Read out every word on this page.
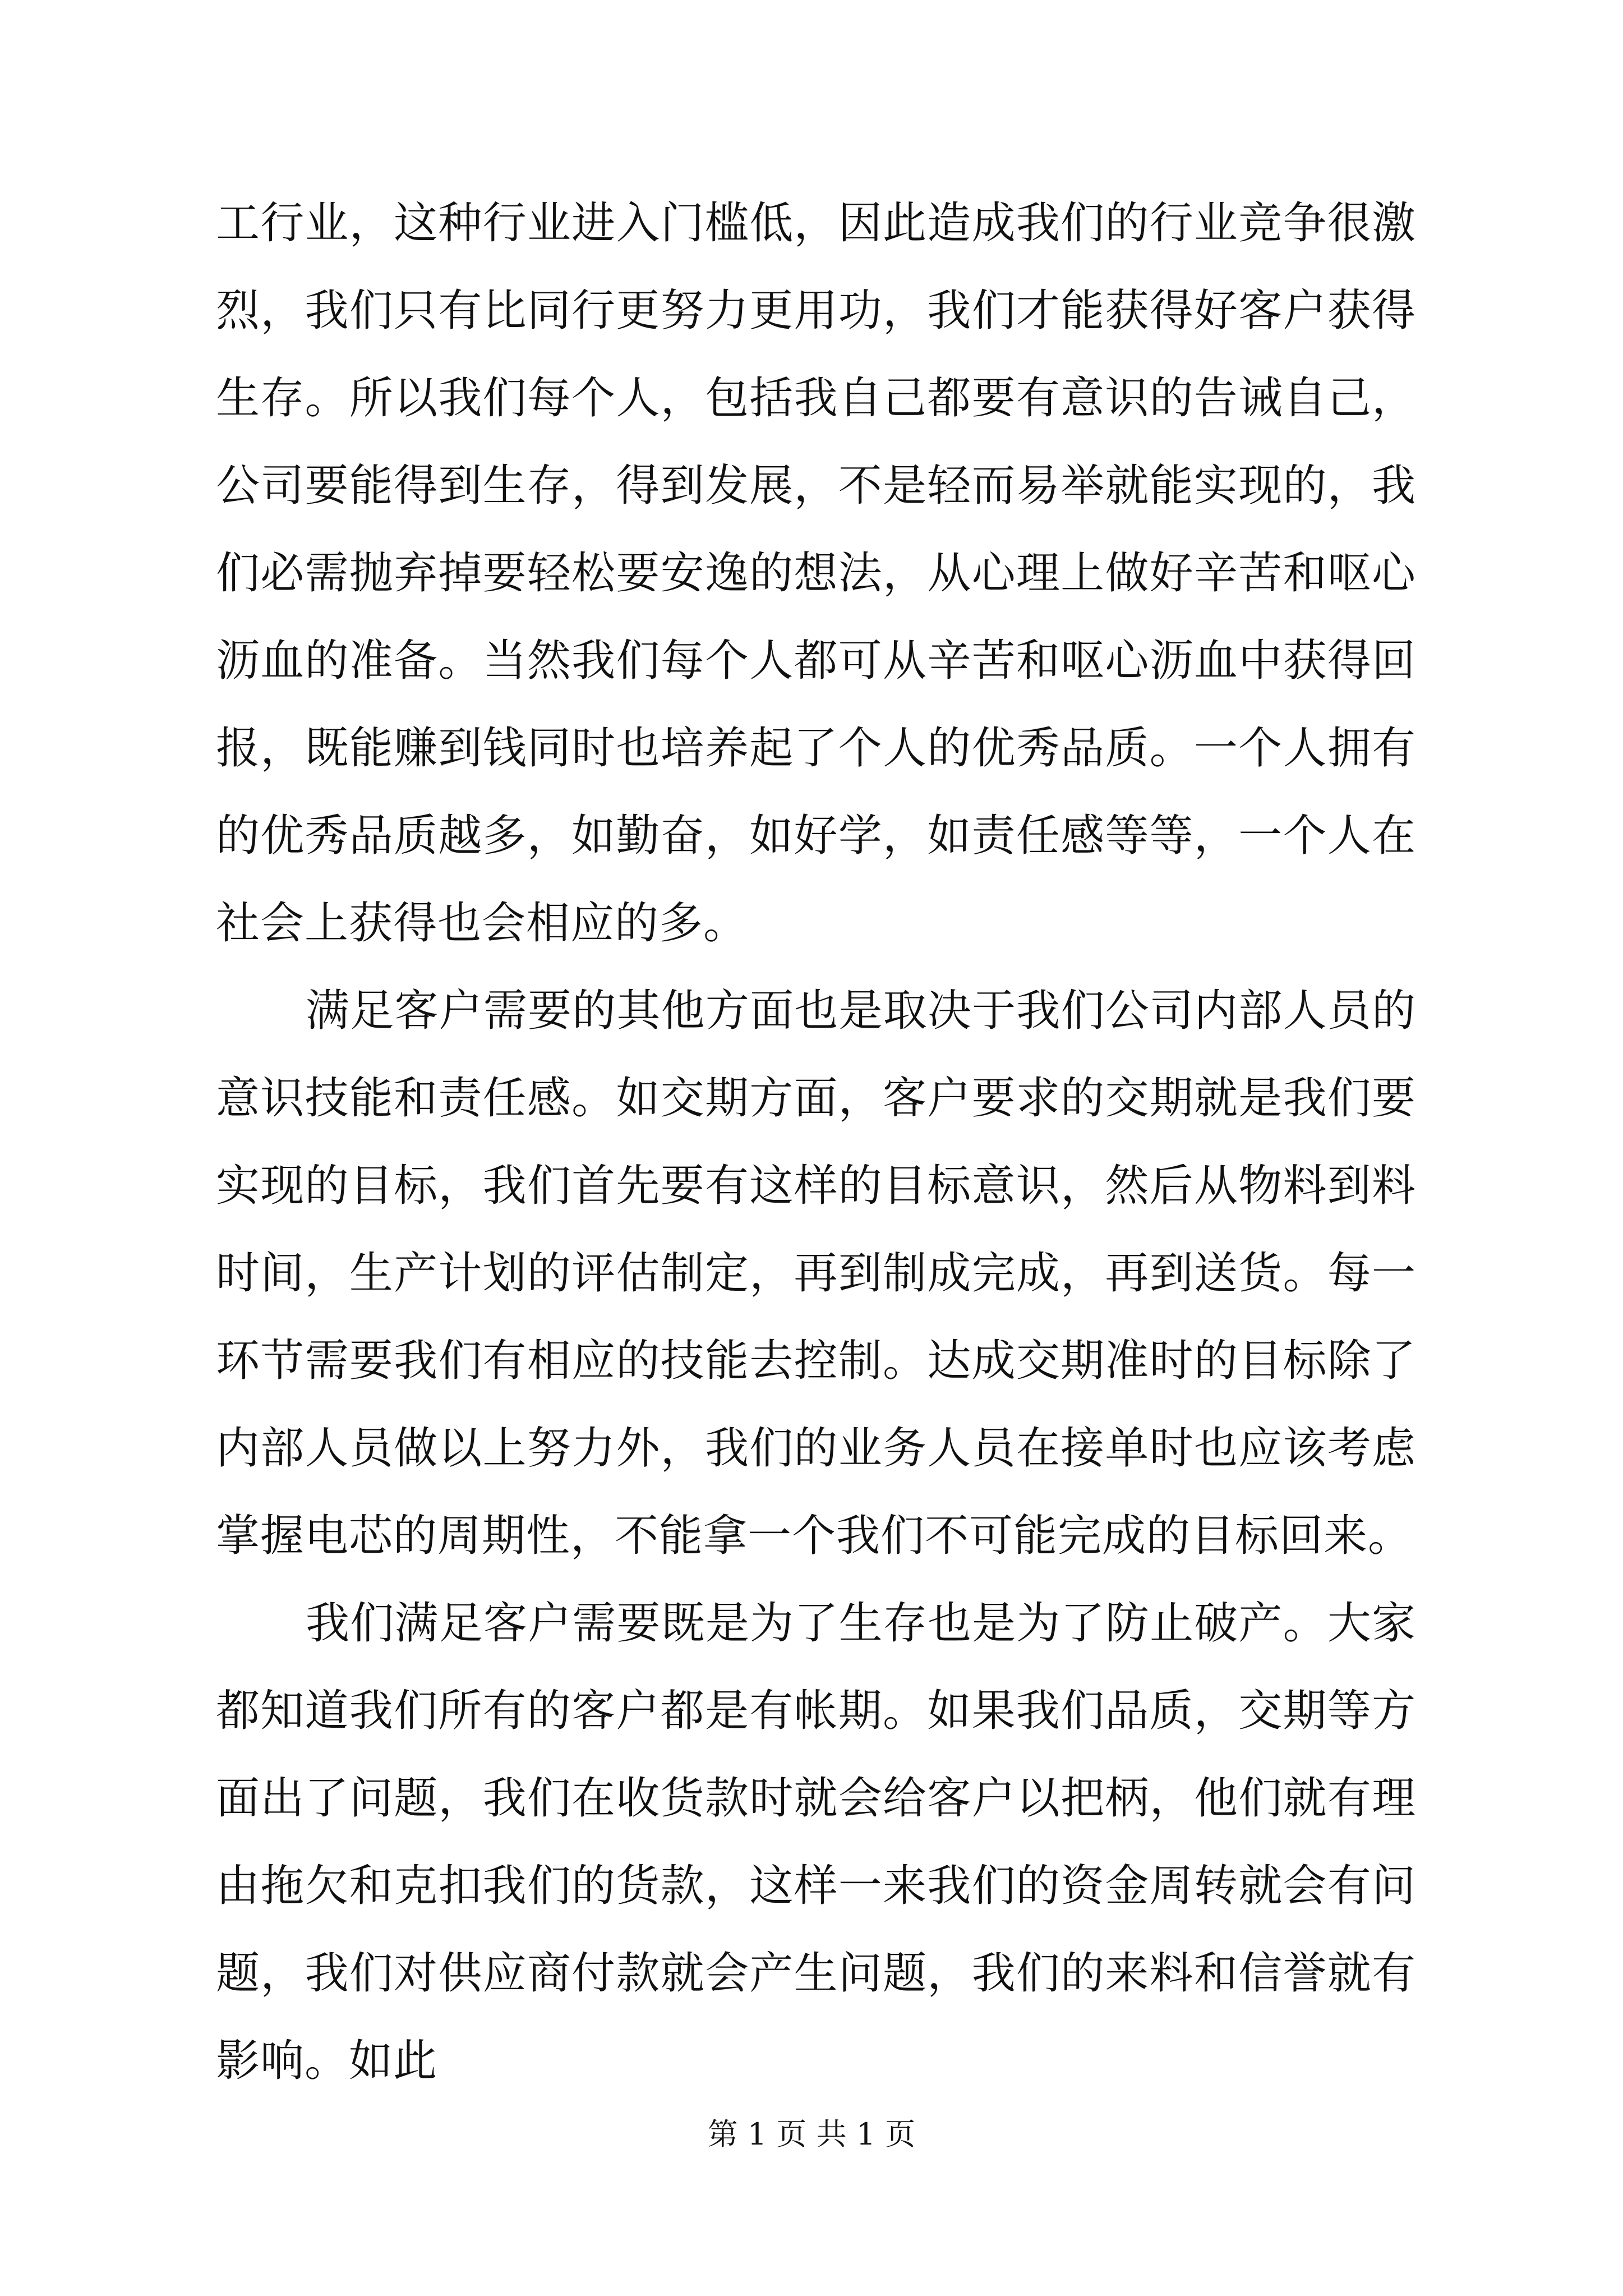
工行业，这种行业进入门槛低，因此造成我们的行业竞争很激烈，我们只有比同行更努力更用功，我们才能获得好客户获得生存。所以我们每个人，包括我自己都要有意识的告诫自己，公司要能得到生存，得到发展，不是轻而易举就能实现的，我们必需抛弃掉要轻松要安逸的想法，从心理上做好辛苦和呕心沥血的准备。当然我们每个人都可从辛苦和呕心沥血中获得回报，既能赚到钱同时也培养起了个人的优秀品质。一个人拥有的优秀品质越多，如勤奋，如好学，如责任感等等，一个人在社会上获得也会相应的多。

满足客户需要的其他方面也是取决于我们公司内部人员的意识技能和责任感。如交期方面，客户要求的交期就是我们要实现的目标，我们首先要有这样的目标意识，然后从物料到料时间，生产计划的评估制定，再到制成完成，再到送货。每一环节需要我们有相应的技能去控制。达成交期准时的目标除了内部人员做以上努力外，我们的业务人员在接单时也应该考虑掌握电芯的周期性，不能拿一个我们不可能完成的目标回来。

我们满足客户需要既是为了生存也是为了防止破产。大家都知道我们所有的客户都是有帐期。如果我们品质，交期等方面出了问题，我们在收货款时就会给客户以把柄，他们就有理由拖欠和克扣我们的货款，这样一来我们的资金周转就会有问题，我们对供应商付款就会产生问题，我们的来料和信誉就有影响。如此

第 1 页 共 1 页
